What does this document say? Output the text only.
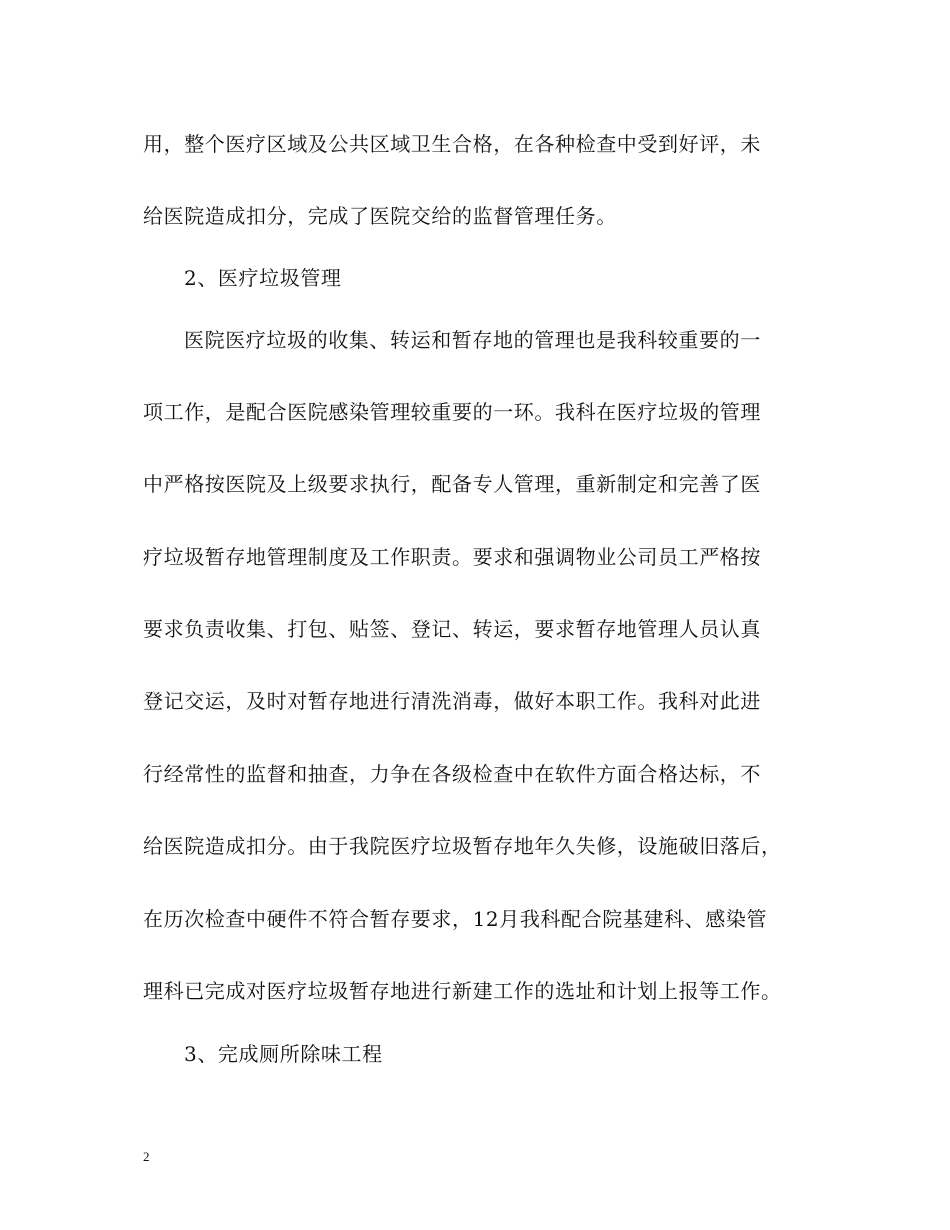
用，整个医疗区域及公共区域卫生合格，在各种检查中受到好评，未
给医院造成扣分，完成了医院交给的监督管理任务。
2、医疗垃圾管理
医院医疗垃圾的收集、转运和暂存地的管理也是我科较重要的一
项工作，是配合医院感染管理较重要的一环。我科在医疗垃圾的管理
中严格按医院及上级要求执行，配备专人管理，重新制定和完善了医
疗垃圾暂存地管理制度及工作职责。要求和强调物业公司员工严格按
要求负责收集、打包、贴签、登记、转运，要求暂存地管理人员认真
登记交运，及时对暂存地进行清洗消毒，做好本职工作。我科对此进
行经常性的监督和抽查，力争在各级检查中在软件方面合格达标，不
给医院造成扣分。由于我院医疗垃圾暂存地年久失修，设施破旧落后，
在历次检查中硬件不符合暂存要求，12月我科配合院基建科、感染管
理科已完成对医疗垃圾暂存地进行新建工作的选址和计划上报等工作。
3、完成厕所除味工程
2
